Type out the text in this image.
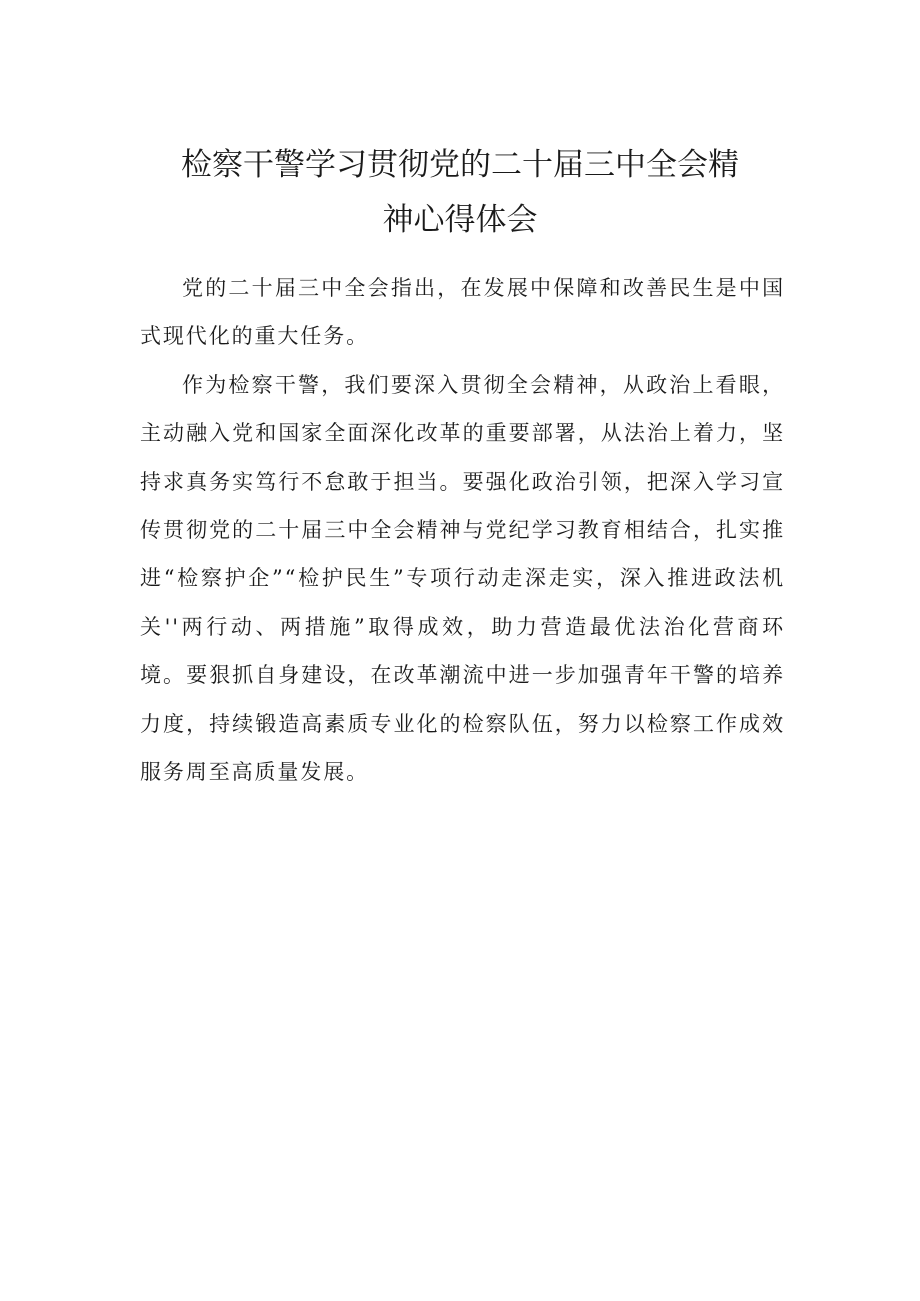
检察干警学习贯彻党的二十届三中全会精
神心得体会

党的二十届三中全会指出，在发展中保障和改善民生是中国式现代化的重大任务。

作为检察干警，我们要深入贯彻全会精神，从政治上看眼，主动融入党和国家全面深化改革的重要部署，从法治上着力，坚持求真务实笃行不怠敢于担当。要强化政治引领，把深入学习宣传贯彻党的二十届三中全会精神与党纪学习教育相结合，扎实推进“检察护企”“检护民生”专项行动走深走实，深入推进政法机关''两行动、两措施”取得成效，助力营造最优法治化营商环境。要狠抓自身建设，在改革潮流中进一步加强青年干警的培养力度，持续锻造高素质专业化的检察队伍，努力以检察工作成效服务周至高质量发展。
